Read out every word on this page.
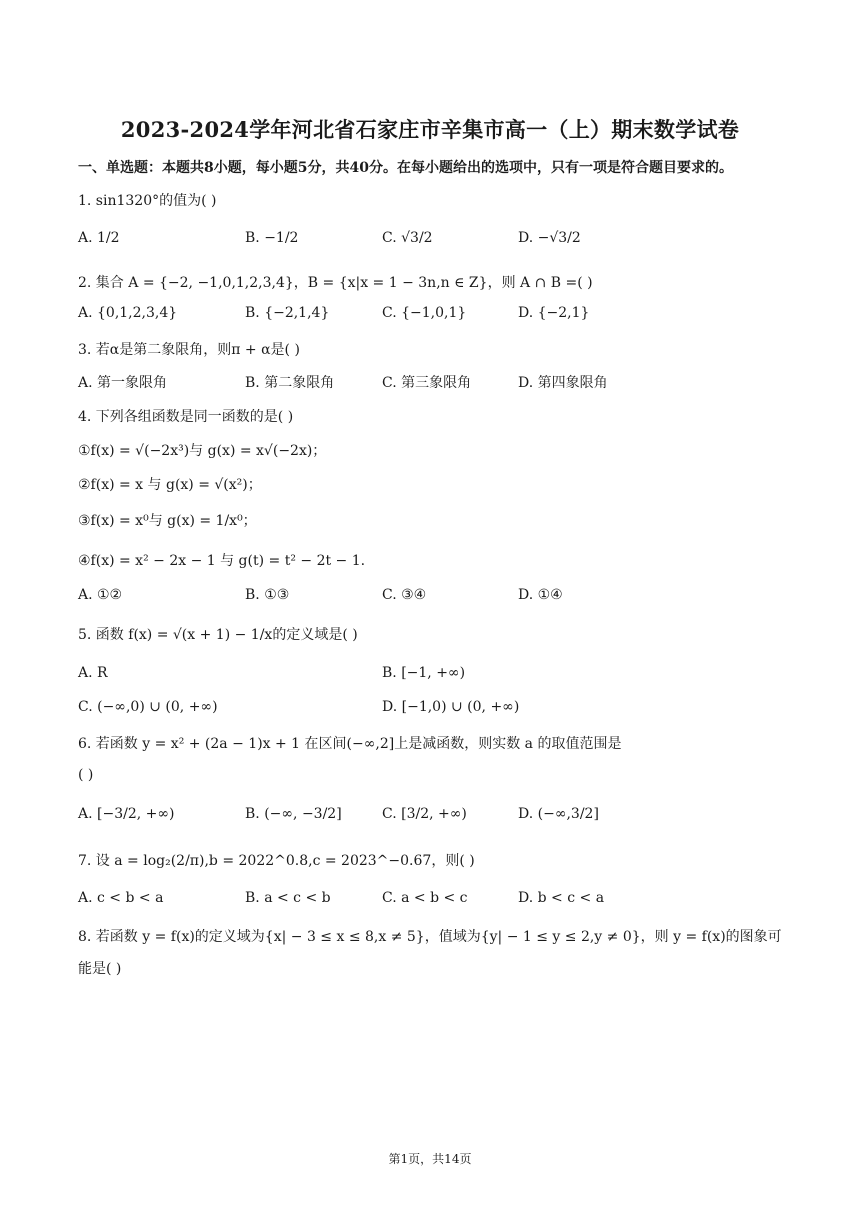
2023-2024学年河北省石家庄市辛集市高一（上）期末数学试卷
一、单选题：本题共8小题，每小题5分，共40分。在每小题给出的选项中，只有一项是符合题目要求的。
1. sin1320°的值为( )
A. 1/2	B. −1/2	C. √3/2	D. −√3/2
2. 集合 A = {−2, −1,0,1,2,3,4}，B = {x|x = 1 − 3n,n ∈ Z}，则 A ∩ B =( )
A. {0,1,2,3,4}	B. {−2,1,4}	C. {−1,0,1}	D. {−2,1}
3. 若α是第二象限角，则π + α是( )
A. 第一象限角	B. 第二象限角	C. 第三象限角	D. 第四象限角
4. 下列各组函数是同一函数的是( )
①f(x) = √(−2x³)与 g(x) = x√(−2x)；
②f(x) = x 与 g(x) = √(x²)；
③f(x) = x⁰与 g(x) = 1/x⁰；
④f(x) = x² − 2x − 1 与 g(t) = t² − 2t − 1.
A. ①②	B. ①③	C. ③④	D. ①④
5. 函数 f(x) = √(x + 1) − 1/x的定义域是( )
A. R	B. [−1, +∞)
C. (−∞,0) ∪ (0, +∞)	D. [−1,0) ∪ (0, +∞)
6. 若函数 y = x² + (2a − 1)x + 1 在区间(−∞,2]上是减函数，则实数 a 的取值范围是
( )
A. [−3/2, +∞)	B. (−∞, −3/2]	C. [3/2, +∞)	D. (−∞,3/2]
7. 设 a = log₂(2/π),b = 2022^0.8,c = 2023^−0.67，则( )
A. c < b < a	B. a < c < b	C. a < b < c	D. b < c < a
8. 若函数 y = f(x)的定义域为{x| − 3 ≤ x ≤ 8,x ≠ 5}，值域为{y| − 1 ≤ y ≤ 2,y ≠ 0}，则 y = f(x)的图象可
能是( )
第1页，共14页
